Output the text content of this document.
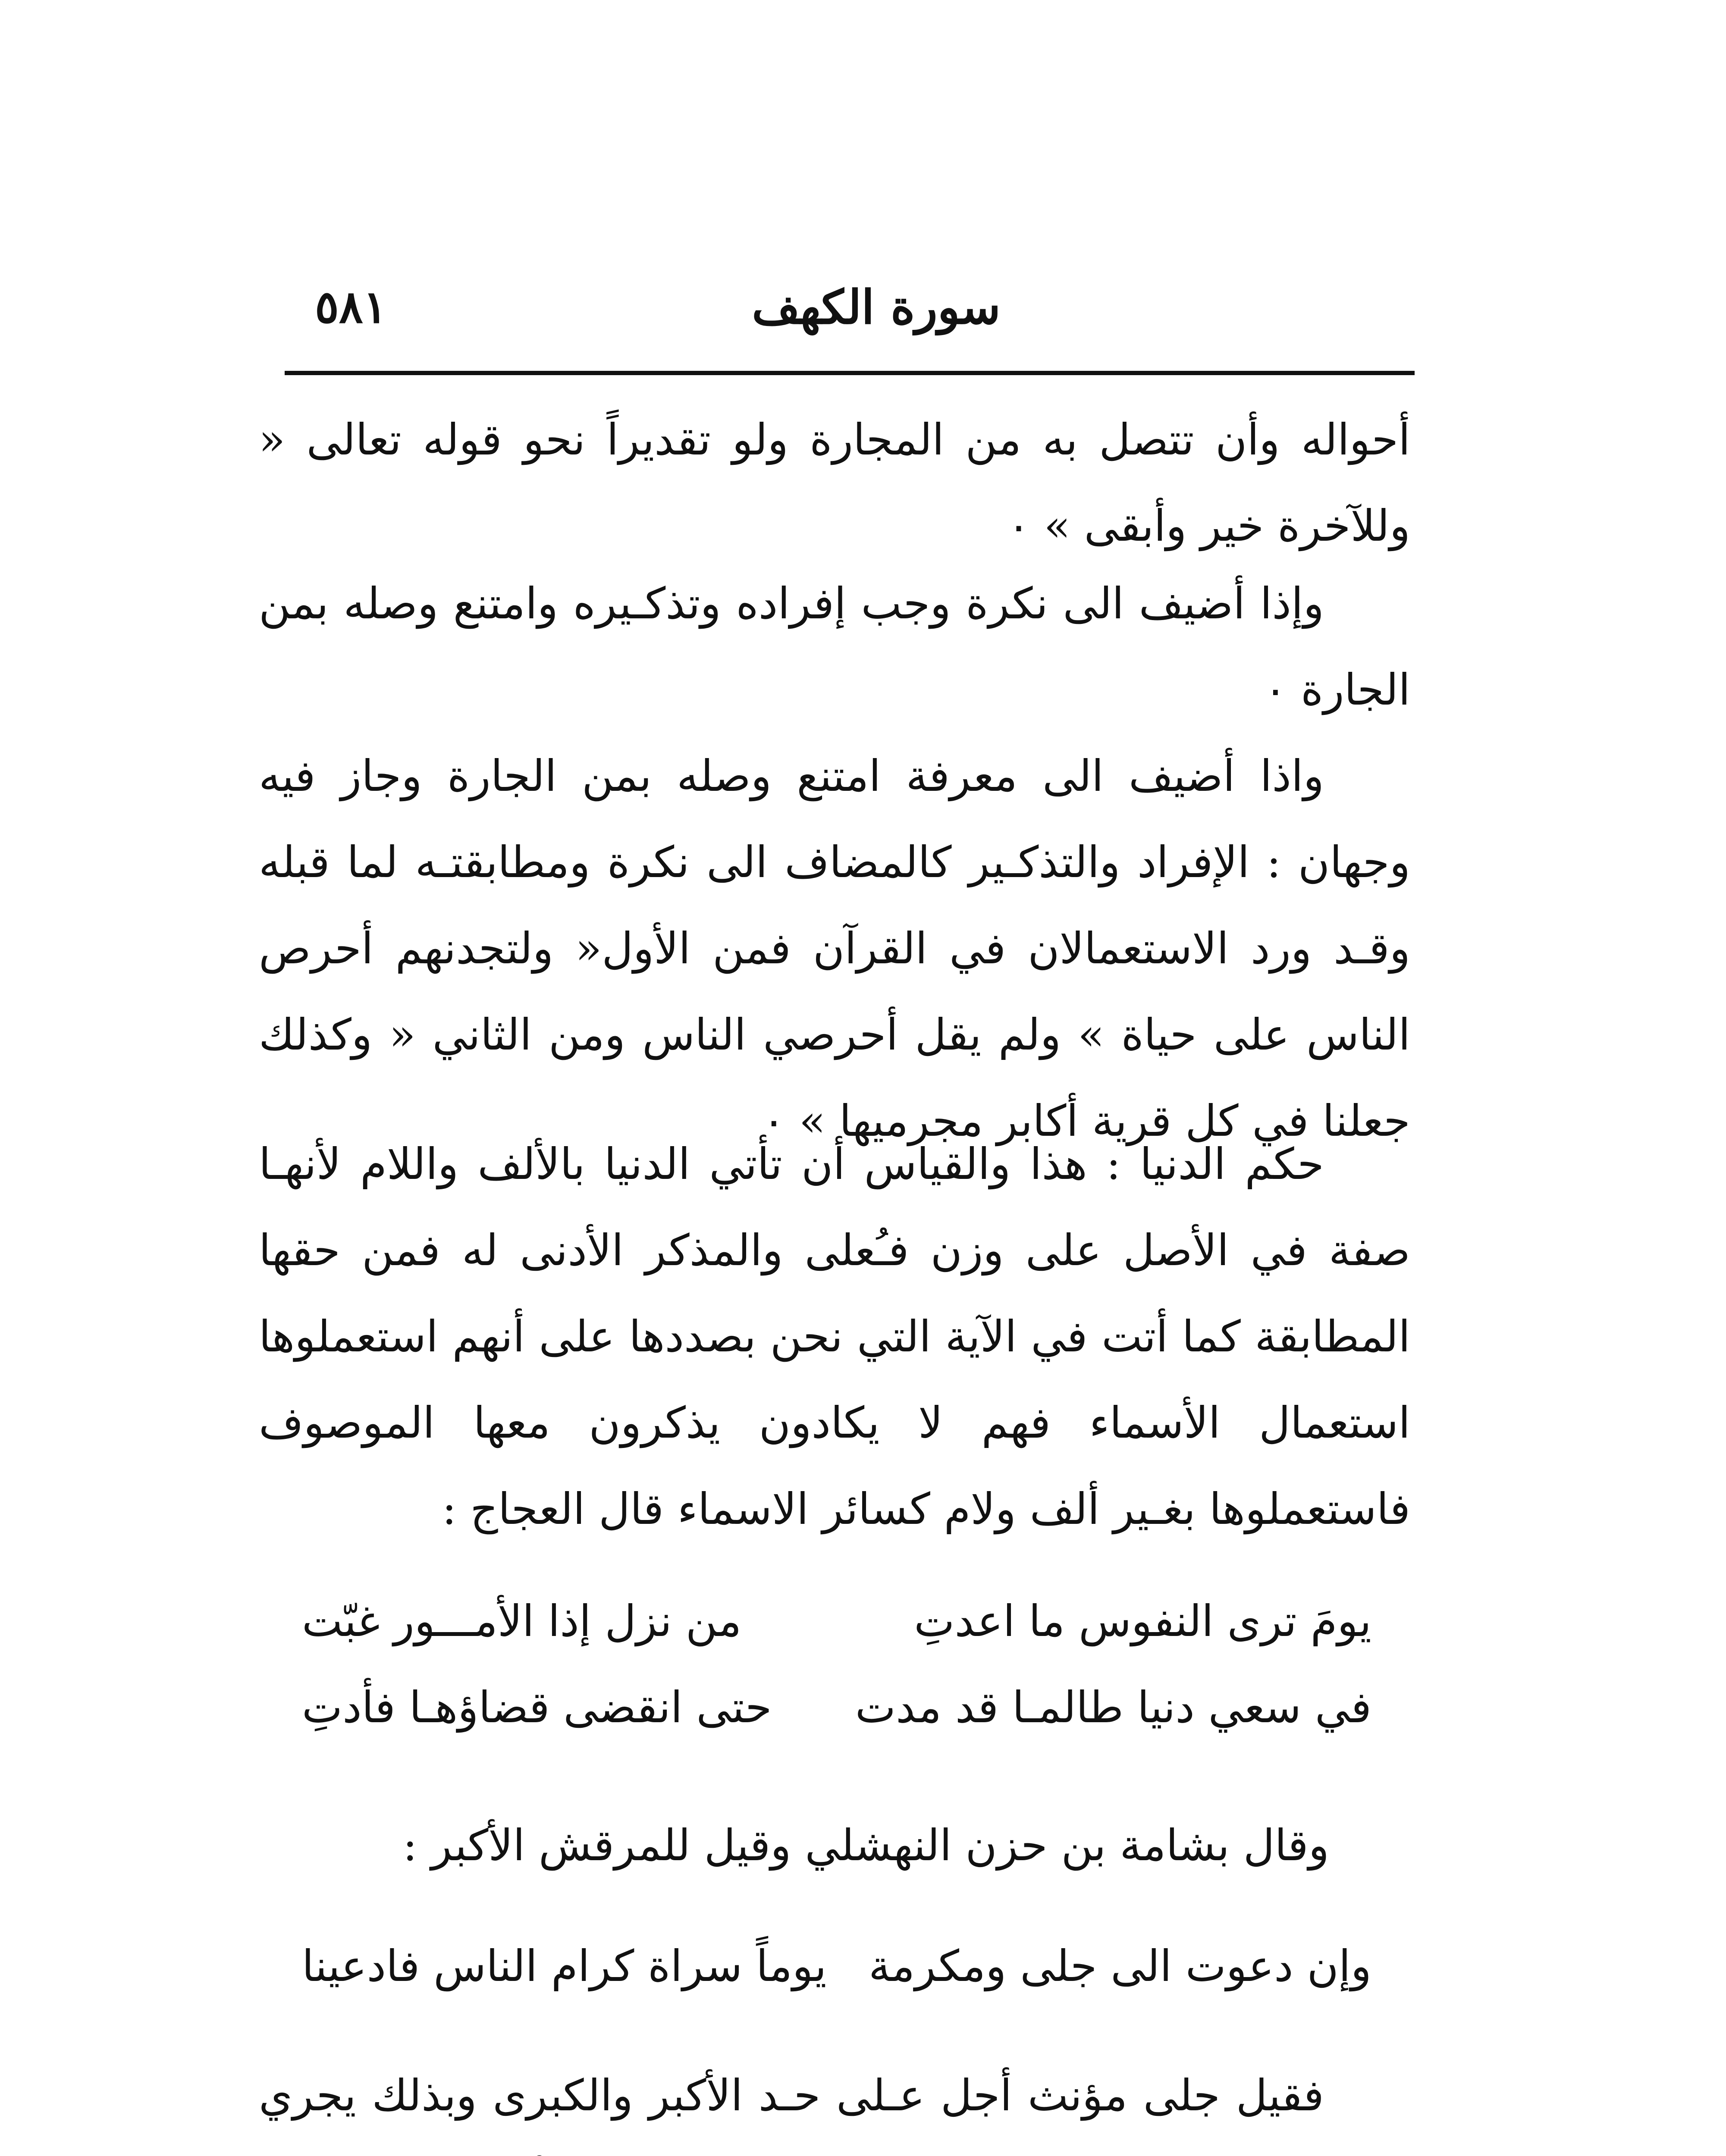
سورة الكهف
٥٨١
أحواله وأن تتصل به من المجارة ولو تقديراً نحو قوله تعالى « وللآخرة خير وأبقى » ٠
وإذا أضيف الى نكرة وجب إفراده وتذكـيره وامتنع وصله بمن الجارة ٠
واذا أضيف الى معرفة امتنع وصله بمن الجارة وجاز فيه وجهان : الإفراد والتذكـير كالمضاف الى نكرة ومطابقتـه لما قبله وقـد ورد الاستعمالان في القرآن فمن الأول« ولتجدنهم أحرص الناس على حياة » ولم يقل أحرصي الناس ومن الثاني « وكذلك جعلنا في كل قرية أكابر مجرميها » ٠
حكم الدنيا : هذا والقياس أن تأتي الدنيا بالألف واللام لأنهـا صفة في الأصل على وزن فـُعلى والمذكر الأدنى له فمن حقها المطابقة كما أتت في الآية التي نحن بصددها على أنهم استعملوها استعمال الأسماء فهم لا يكادون يذكرون معها الموصوف فاستعملوها بغـير ألف ولام كسائر الاسماء قال العجاج :
يومَ ترى النفوس ما اعدتِ
من نزل إذا الأمـــور غبّت
في سعي دنيا طالمـا قد مدت
حتى انقضى قضاؤهـا فأدتِ
وقال بشامة بن حزن النهشلي وقيل للمرقش الأكبر :
وإن دعوت الى جلى ومكرمة
يوماً سراة كرام الناس فادعينا
فقيل جلى مؤنث أجل عـلى حـد الأكبر والكبرى وبذلك يجري
